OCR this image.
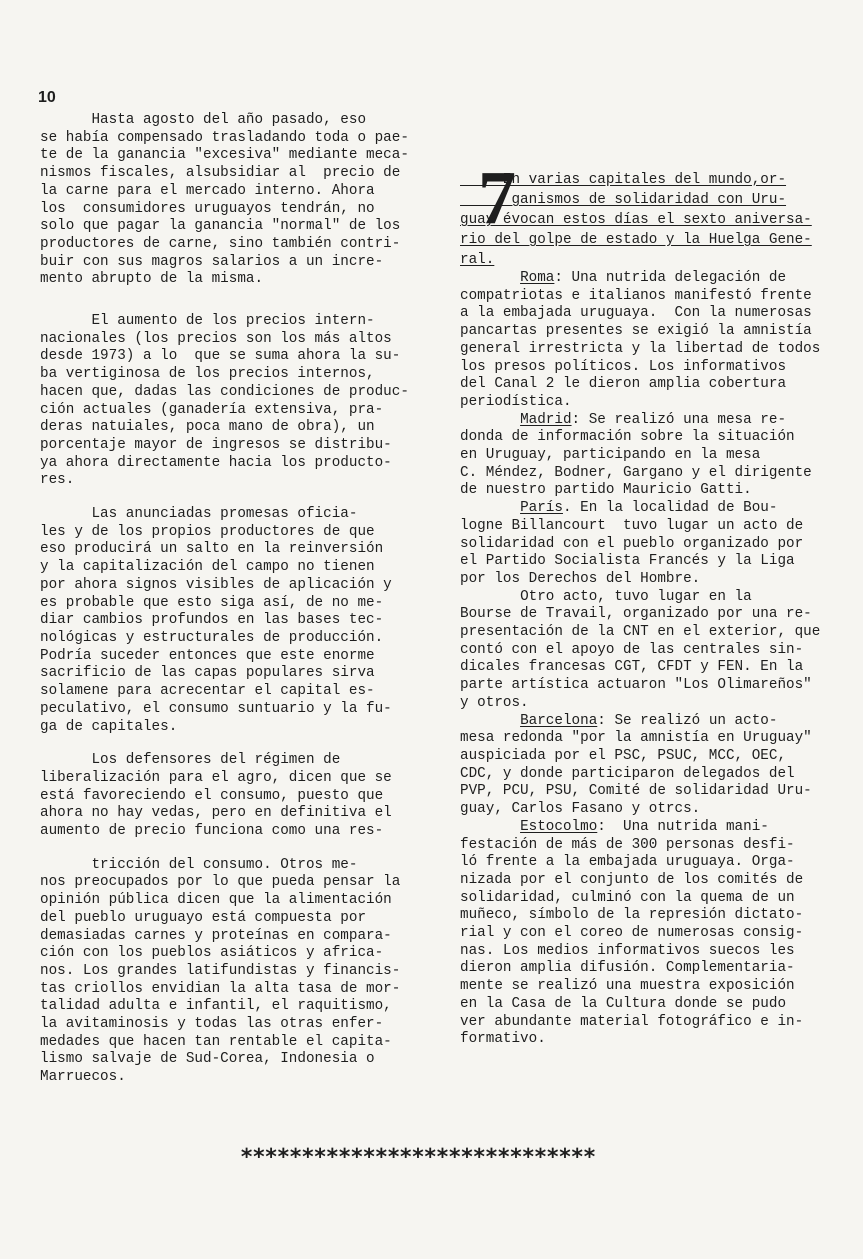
10

Hasta agosto del año pasado, eso
se había compensado trasladando toda o pae-
te de la ganancia "excesiva" mediante meca-
nismos fiscales, alsubsidiar al  precio de
la carne para el mercado interno. Ahora
los  consumidores uruguayos tendrán, no
solo que pagar la ganancia "normal" de los
productores de carne, sino también contri-
buir con sus magros salarios a un incre-
mento abrupto de la misma.

El aumento de los precios intern-
nacionales (los precios son los más altos
desde 1973) a lo  que se suma ahora la su-
ba vertiginosa de los precios internos,
hacen que, dadas las condiciones de produc-
ción actuales (ganadería extensiva, pra-
deras natuiales, poca mano de obra), un
porcentaje mayor de ingresos se distribu-
ya ahora directamente hacia los producto-
res.

Las anunciadas promesas oficia-
les y de los propios productores de que
eso producirá un salto en la reinversión
y la capitalización del campo no tienen
por ahora signos visibles de aplicación y
es probable que esto siga así, de no me-
diar cambios profundos en las bases tec-
nológicas y estructurales de producción.
Podría suceder entonces que este enorme
sacrificio de las capas populares sirva
solamene para acrecentar el capital es-
peculativo, el consumo suntuario y la fu-
ga de capitales.

Los defensores del régimen de
liberalización para el agro, dicen que se
está favoreciendo el consumo, puesto que
ahora no hay vedas, pero en definitiva el
aumento de precio funciona como una res-

tricción del consumo. Otros me-
nos preocupados por lo que pueda pensar la
opinión pública dicen que la alimentación
del pueblo uruguayo está compuesta por
demasiadas carnes y proteínas en compara-
ción con los pueblos asiáticos y africa-
nos. Los grandes latifundistas y financis-
tas criollos envidian la alta tasa de mor-
talidad adulta e infantil, el raquitismo,
la avitaminosis y todas las otras enfer-
medades que hacen tan rentable el capita-
lismo salvaje de Sud-Corea, Indonesia o
Marruecos.

7

En varias capitales del mundo,or-
ganismos de solidaridad con Uru-
guay évocan estos días el sexto aniversa-
rio del golpe de estado y la Huelga Gene-
ral.

Roma: Una nutrida delegación de
compatriotas e italianos manifestó frente
a la embajada uruguaya.  Con la numerosas
pancartas presentes se exigió la amnistía
general irrestricta y la libertad de todos
los presos políticos. Los informativos
del Canal 2 le dieron amplia cobertura
periodística.

Madrid: Se realizó una mesa re-
donda de información sobre la situación
en Uruguay, participando en la mesa
C. Méndez, Bodner, Gargano y el dirigente
de nuestro partido Mauricio Gatti.

París. En la localidad de Bou-
logne Billancourt  tuvo lugar un acto de
solidaridad con el pueblo organizado por
el Partido Socialista Francés y la Liga
por los Derechos del Hombre.

Otro acto, tuvo lugar en la
Bourse de Travail, organizado por una re-
presentación de la CNT en el exterior, que
contó con el apoyo de las centrales sin-
dicales francesas CGT, CFDT y FEN. En la
parte artística actuaron "Los Olimareños"
y otros.

Barcelona: Se realizó un acto-
mesa redonda "por la amnistía en Uruguay"
auspiciada por el PSC, PSUC, MCC, OEC,
CDC, y donde participaron delegados del
PVP, PCU, PSU, Comité de solidaridad Uru-
guay, Carlos Fasano y otrcs.

Estocolmo:  Una nutrida mani-
festación de más de 300 personas desfi-
ló frente a la embajada uruguaya. Orga-
nizada por el conjunto de los comités de
solidaridad, culminó con la quema de un
muñeco, símbolo de la represión dictato-
rial y con el coreo de numerosas consig-
nas. Los medios informativos suecos les
dieron amplia difusión. Complementaria-
mente se realizó una muestra exposición
en la Casa de la Cultura donde se pudo
ver abundante material fotográfico e in-
formativo.

*****************************
